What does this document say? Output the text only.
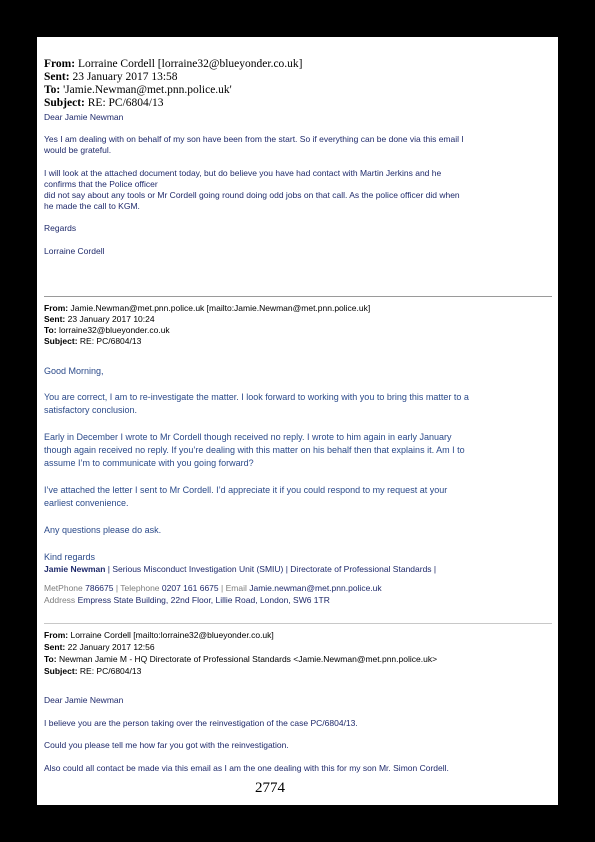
From: Lorraine Cordell [lorraine32@blueyonder.co.uk]
Sent: 23 January 2017 13:58
To: 'Jamie.Newman@met.pnn.police.uk'
Subject: RE: PC/6804/13
Dear Jamie Newman
Yes I am dealing with on behalf of my son have been from the start. So if everything can be done via this email I
would be grateful.
I will look at the attached document today, but do believe you have had contact with Martin Jerkins and he
confirms that the Police officer
did not say about any tools or Mr Cordell going round doing odd jobs on that call. As the police officer did when
he made the call to KGM.
Regards
Lorraine Cordell
From: Jamie.Newman@met.pnn.police.uk [mailto:Jamie.Newman@met.pnn.police.uk]
Sent: 23 January 2017 10:24
To: lorraine32@blueyonder.co.uk
Subject: RE: PC/6804/13
Good Morning,
You are correct, I am to re-investigate the matter. I look forward to working with you to bring this matter to a
satisfactory conclusion.
Early in December I wrote to Mr Cordell though received no reply. I wrote to him again in early January
though again received no reply. If you’re dealing with this matter on his behalf then that explains it. Am I to
assume I’m to communicate with you going forward?
I’ve attached the letter I sent to Mr Cordell. I’d appreciate it if you could respond to my request at your
earliest convenience.
Any questions please do ask.
Kind regards
Jamie Newman | Serious Misconduct Investigation Unit (SMIU) | Directorate of Professional Standards |
MetPhone 786675 | Telephone 0207 161 6675 | Email Jamie.newman@met.pnn.police.uk
Address Empress State Building, 22nd Floor, Lillie Road, London, SW6 1TR
From: Lorraine Cordell [mailto:lorraine32@blueyonder.co.uk]
Sent: 22 January 2017 12:56
To: Newman Jamie M - HQ Directorate of Professional Standards <Jamie.Newman@met.pnn.police.uk>
Subject: RE: PC/6804/13
Dear Jamie Newman
I believe you are the person taking over the reinvestigation of the case PC/6804/13.
Could you please tell me how far you got with the reinvestigation.
Also could all contact be made via this email as I am the one dealing with this for my son Mr. Simon Cordell.
2774
